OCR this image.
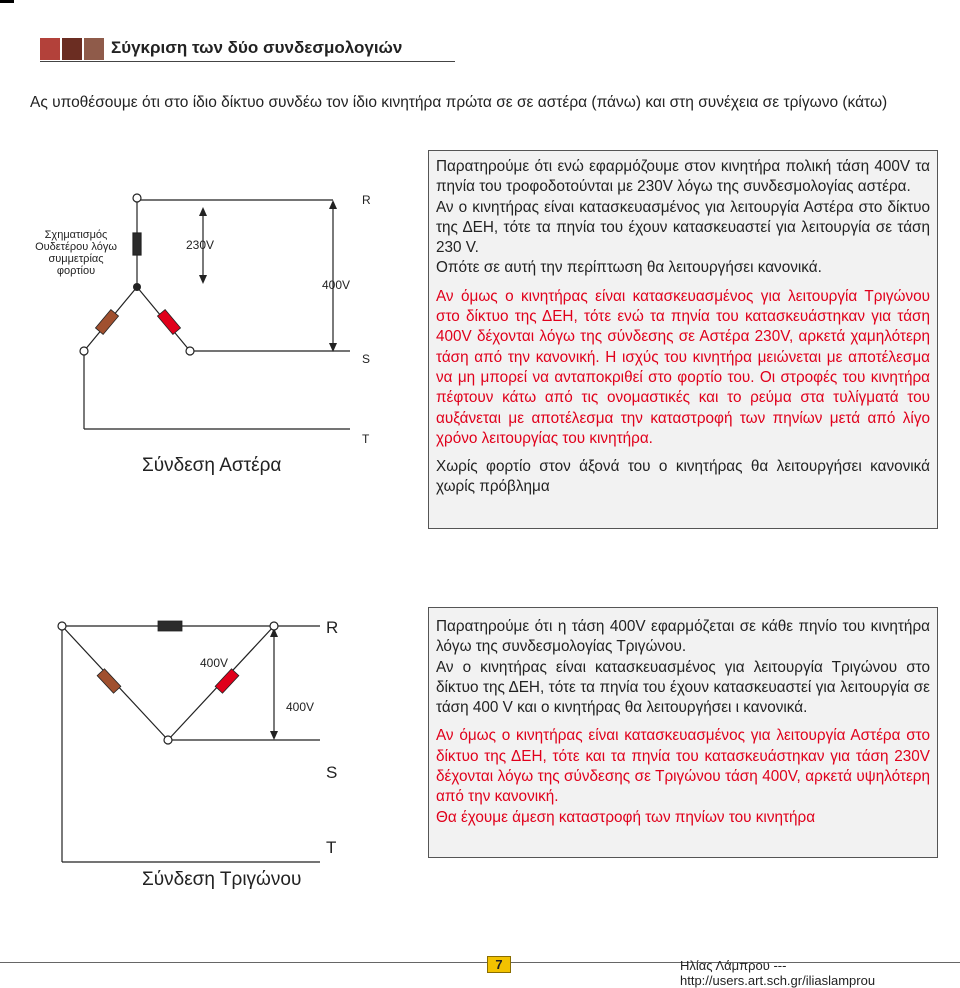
Σύγκριση των δύο συνδεσμολογιών
Ας υποθέσουμε ότι στο ίδιο δίκτυο συνδέω τον ίδιο κινητήρα πρώτα σε σε αστέρα (πάνω) και στη συνέχεια σε τρίγωνο (κάτω)
Σχηματισμός
Ουδετέρου λόγω
συμμετρίας
φορτίου
230V
400V
R
S
T
Σύνδεση Αστέρα

Παρατηρούμε ότι ενώ εφαρμόζουμε στον κινητήρα πολική τάση 400V τα πηνία του τροφοδοτούνται με 230V λόγω της συνδεσμολογίας αστέρα.
Αν ο κινητήρας είναι κατασκευασμένος για λειτουργία Αστέρα στο δίκτυο της ΔΕΗ, τότε τα πηνία του έχουν κατασκευαστεί για λειτουργία σε τάση 230 V.
Οπότε σε αυτή την περίπτωση θα λειτουργήσει κανονικά.

Αν όμως ο κινητήρας είναι κατασκευασμένος για λειτουργία Τριγώνου στο δίκτυο της ΔΕΗ, τότε ενώ τα πηνία του κατασκευάστηκαν για τάση 400V δέχονται λόγω της σύνδεσης σε Αστέρα 230V, αρκετά χαμηλότερη τάση από την κανονική. Η ισχύς του κινητήρα μειώνεται με αποτέλεσμα να μη μπορεί να ανταποκριθεί στο φορτίο του. Οι στροφές του κινητήρα πέφτουν κάτω από τις ονομαστικές και το ρεύμα στα τυλίγματά του αυξάνεται με αποτέλεσμα την καταστροφή των πηνίων μετά από λίγο χρόνο λειτουργίας του κινητήρα.

Χωρίς φορτίο στον άξονά του ο κινητήρας θα λειτουργήσει κανονικά χωρίς πρόβλημα

400V
400V
R
S
T
Σύνδεση Τριγώνου

Παρατηρούμε ότι η τάση 400V εφαρμόζεται σε κάθε πηνίο του κινητήρα λόγω της συνδεσμολογίας Τριγώνου.
Αν ο κινητήρας είναι κατασκευασμένος για λειτουργία Τριγώνου στο δίκτυο της ΔΕΗ, τότε τα πηνία του έχουν κατασκευαστεί για λειτουργία σε τάση 400 V και ο κινητήρας θα λειτουργήσει ι κανονικά.

Αν όμως ο κινητήρας είναι κατασκευασμένος για λειτουργία Αστέρα στο δίκτυο της ΔΕΗ, τότε και τα πηνία του κατασκευάστηκαν για τάση 230V δέχονται λόγω της σύνδεσης σε Τριγώνου τάση 400V, αρκετά υψηλότερη από την κανονική.
Θα έχουμε άμεση καταστροφή των πηνίων του κινητήρα

7	Ηλίας Λάμπρου --- http://users.art.sch.gr/iliaslamprou
